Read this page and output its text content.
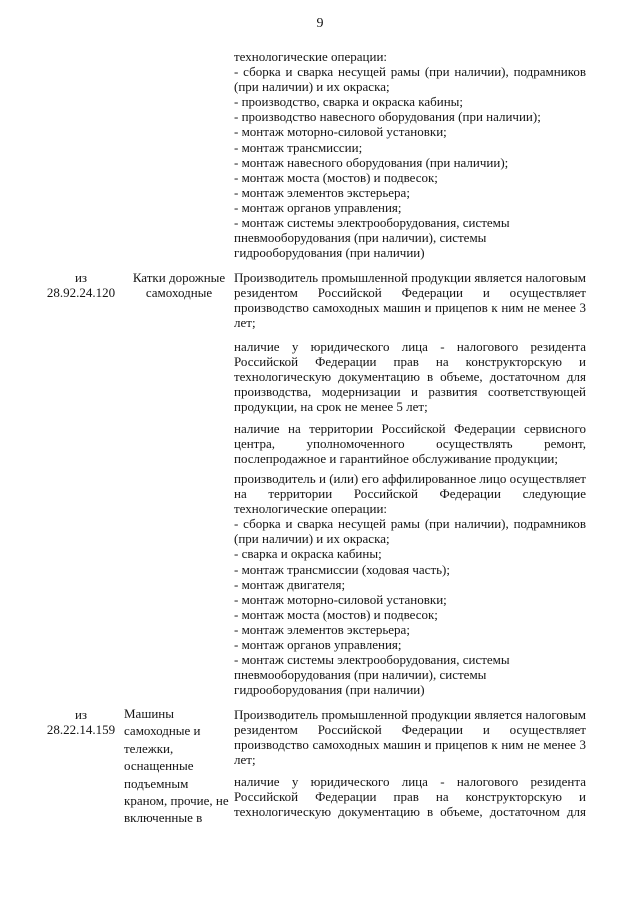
9

технологические операции:

- сборка и сварка несущей рамы (при наличии), подрамников

(при наличии) и их окраска;

- производство, сварка и окраска кабины;

- производство навесного оборудования (при наличии);

- монтаж моторно-силовой установки;

- монтаж трансмиссии;

- монтаж навесного оборудования (при наличии);

- монтаж моста (мостов) и подвесок;

- монтаж элементов экстерьера;

- монтаж органов управления;

- монтаж системы электрооборудования, системы

пневмооборудования (при наличии), системы

гидрооборудования (при наличии)

из
28.92.24.120
Катки дорожные
самоходные

Производитель промышленной продукции является налоговым

резидентом Российской Федерации и осуществляет

производство самоходных машин и прицепов к ним не менее 3

лет;

наличие у юридического лица - налогового резидента

Российской Федерации прав на конструкторскую и

технологическую документацию в объеме, достаточном для

производства, модернизации и развития соответствующей

продукции, на срок не менее 5 лет;

наличие на территории Российской Федерации сервисного

центра, уполномоченного осуществлять ремонт,

послепродажное и гарантийное обслуживание продукции;

производитель и (или) его аффилированное лицо осуществляет

на территории Российской Федерации следующие

технологические операции:

- сборка и сварка несущей рамы (при наличии), подрамников

(при наличии) и их окраска;

- сварка и окраска кабины;

- монтаж трансмиссии (ходовая часть);

- монтаж двигателя;

- монтаж моторно-силовой установки;

- монтаж моста (мостов) и подвесок;

- монтаж элементов экстерьера;

- монтаж органов управления;

- монтаж системы электрооборудования, системы

пневмооборудования (при наличии), системы

гидрооборудования (при наличии)

из
28.22.14.159
Машины
самоходные и
тележки,
оснащенные
подъемным
краном, прочие, не
включенные в

Производитель промышленной продукции является налоговым

резидентом Российской Федерации и осуществляет

производство самоходных машин и прицепов к ним не менее 3

лет;

наличие у юридического лица - налогового резидента

Российской Федерации прав на конструкторскую и

технологическую документацию в объеме, достаточном для
